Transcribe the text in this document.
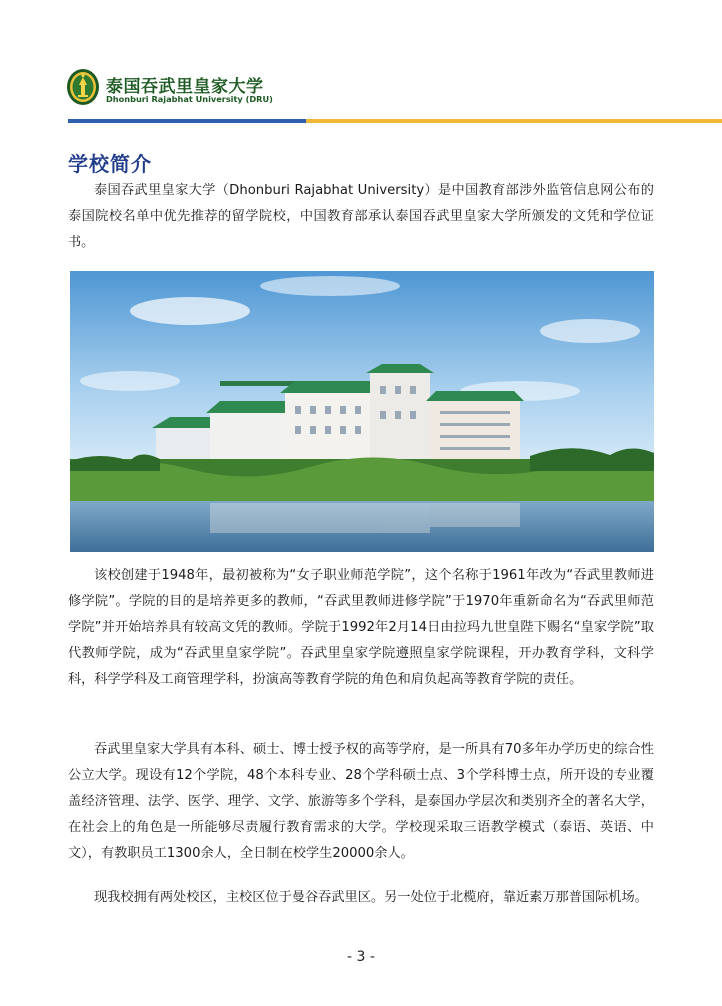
泰国吞武里皇家大学
Dhonburi Rajabhat University (DRU)
学校简介

泰国吞武里皇家大学（Dhonburi Rajabhat University）是中国教育部涉外监管信息网公布的泰国院校名单中优先推荐的留学院校，中国教育部承认泰国吞武里皇家大学所颁发的文凭和学位证书。

该校创建于1948年，最初被称为“女子职业师范学院”，这个名称于1961年改为“吞武里教师进修学院”。学院的目的是培养更多的教师，“吞武里教师进修学院”于1970年重新命名为“吞武里师范学院”并开始培养具有较高文凭的教师。学院于1992年2月14日由拉玛九世皇陛下赐名“皇家学院”取代教师学院，成为“吞武里皇家学院”。吞武里皇家学院遵照皇家学院课程，开办教育学科，文科学科，科学学科及工商管理学科，扮演高等教育学院的角色和肩负起高等教育学院的责任。

吞武里皇家大学具有本科、硕士、博士授予权的高等学府，是一所具有70多年办学历史的综合性公立大学。现设有12个学院，48个本科专业、28个学科硕士点、3个学科博士点，所开设的专业覆盖经济管理、法学、医学、理学、文学、旅游等多个学科，是泰国办学层次和类别齐全的著名大学，在社会上的角色是一所能够尽责履行教育需求的大学。学校现采取三语教学模式（泰语、英语、中文），有教职员工1300余人，全日制在校学生20000余人。

现我校拥有两处校区，主校区位于曼谷吞武里区。另一处位于北榄府，靠近素万那普国际机场。

- 3 -
